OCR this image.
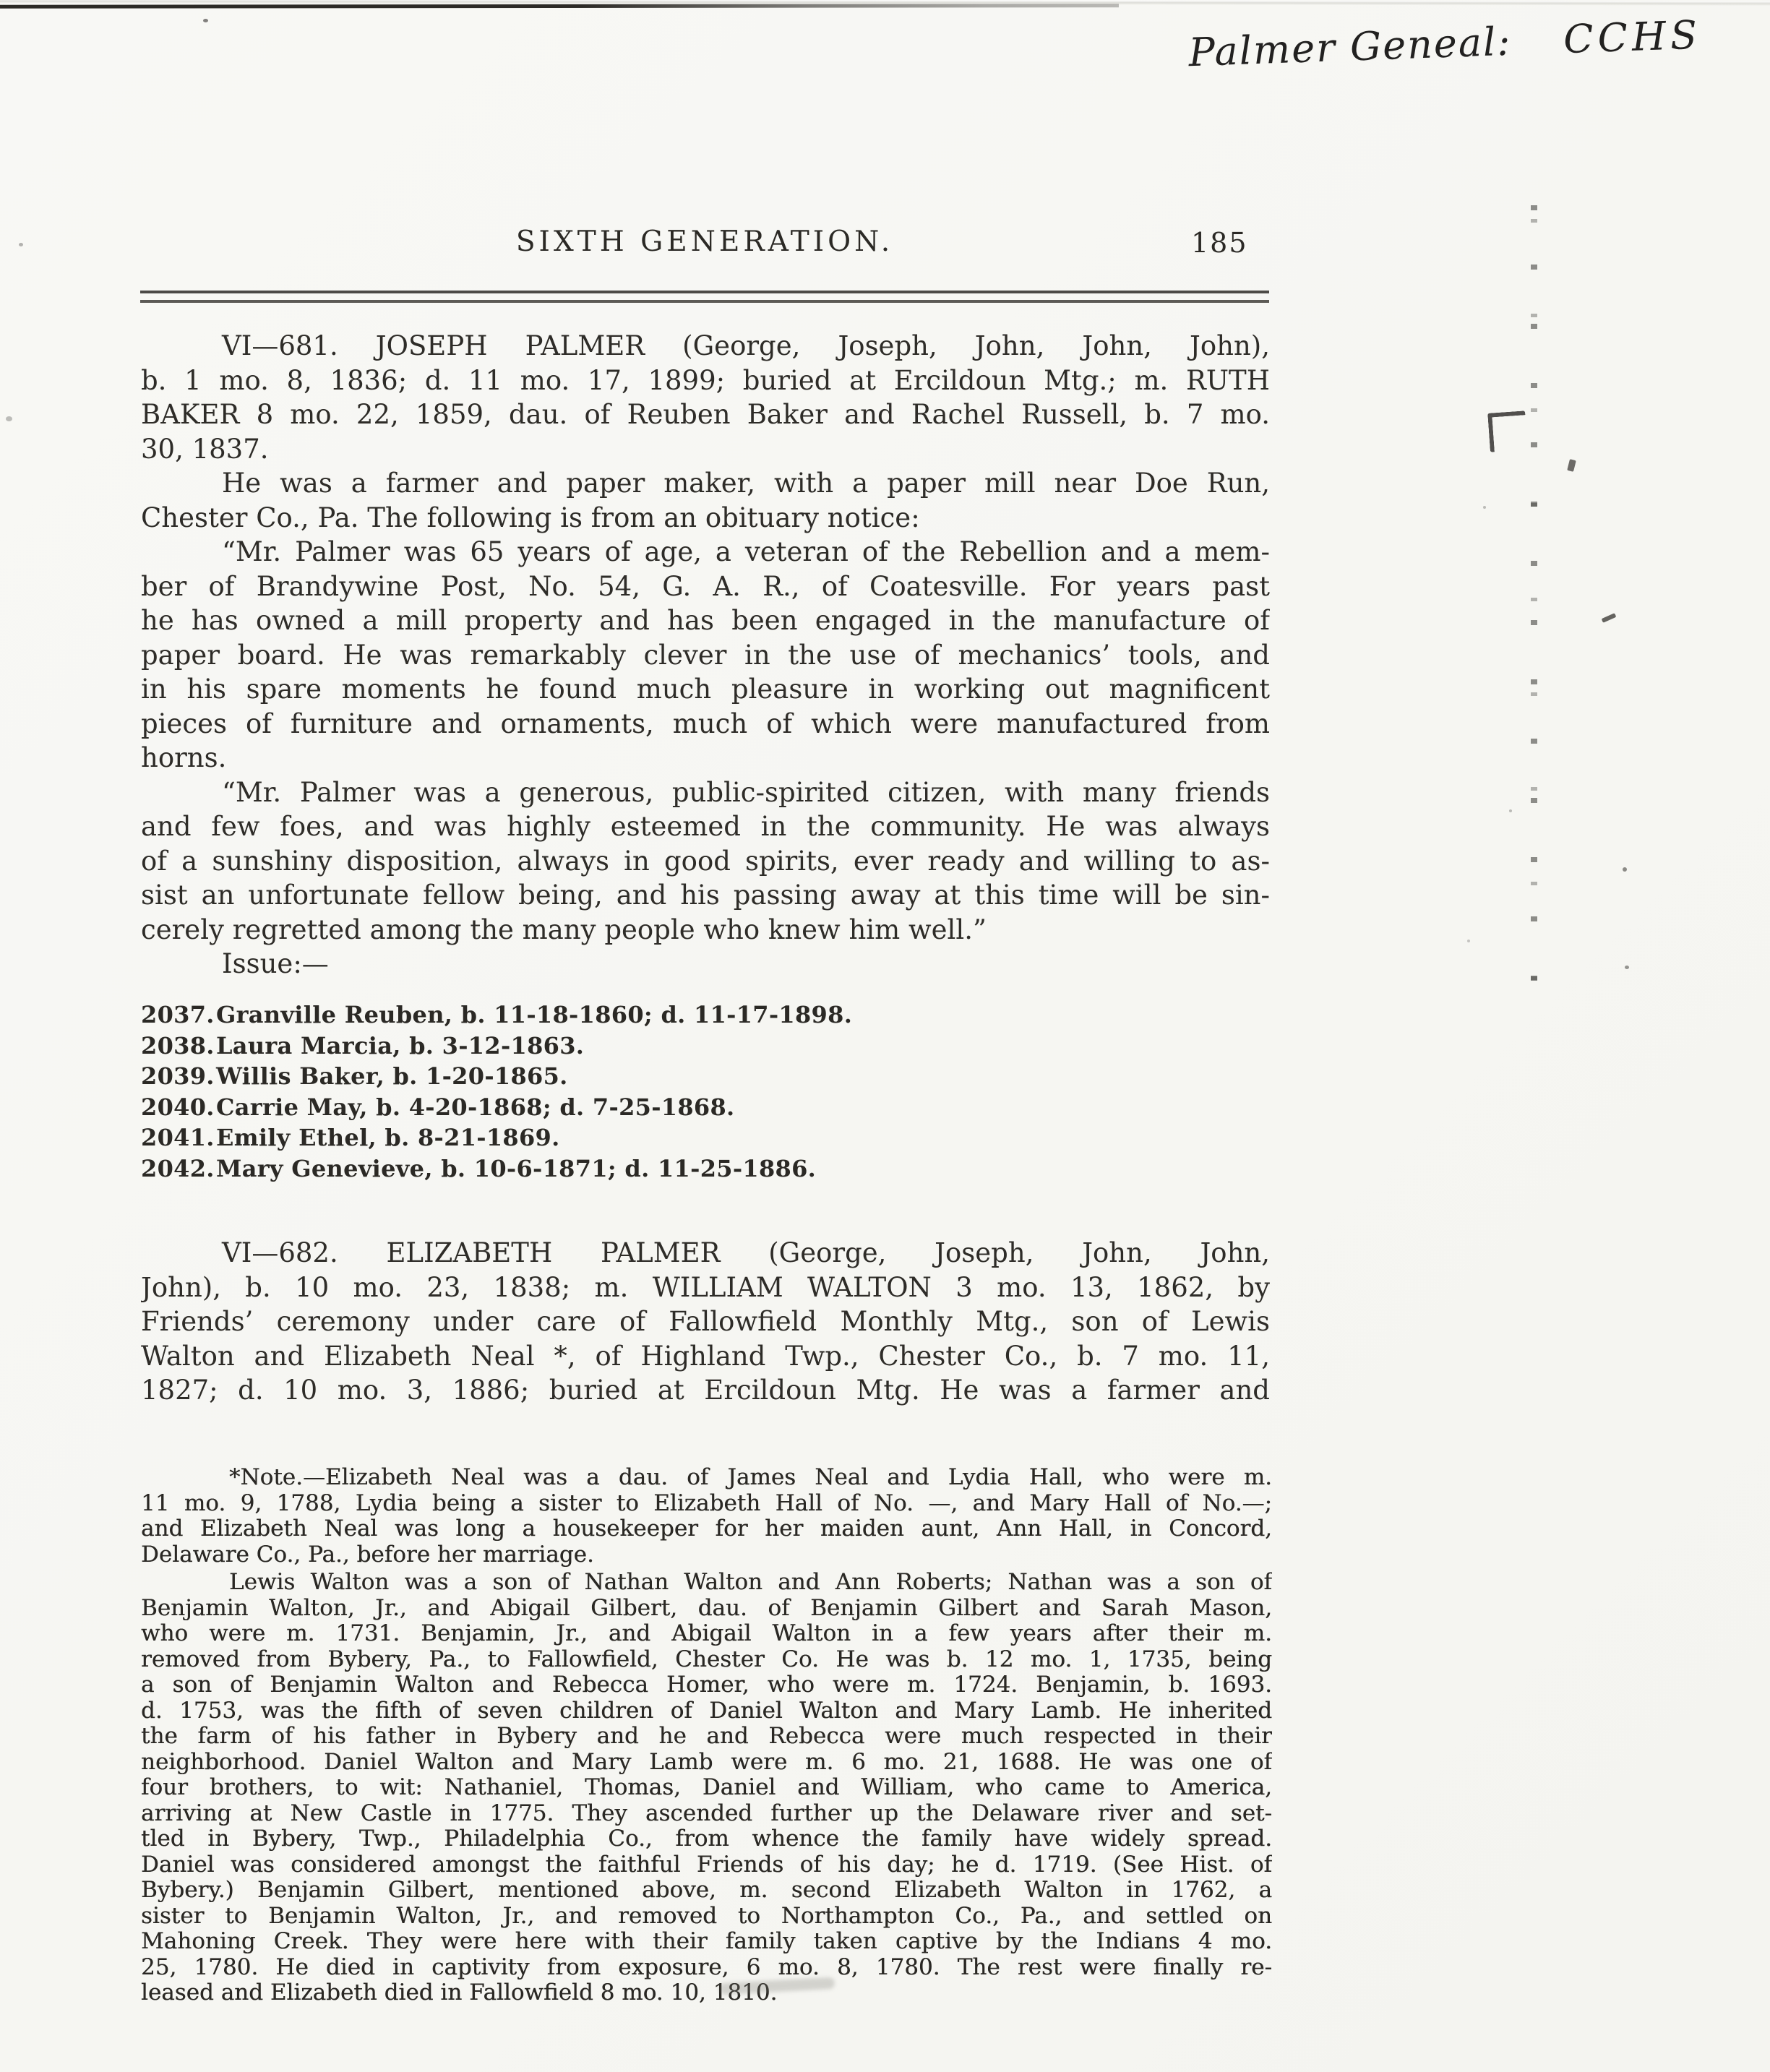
Palmer Geneal: CCHS
SIXTH GENERATION.	185
VI—681. JOSEPH PALMER (George, Joseph, John, John, John),
b. 1 mo. 8, 1836; d. 11 mo. 17, 1899; buried at Ercildoun Mtg.; m. RUTH
BAKER 8 mo. 22, 1859, dau. of Reuben Baker and Rachel Russell, b. 7 mo.
30, 1837.
He was a farmer and paper maker, with a paper mill near Doe Run,
Chester Co., Pa. The following is from an obituary notice:
“Mr. Palmer was 65 years of age, a veteran of the Rebellion and a mem-
ber of Brandywine Post, No. 54, G. A. R., of Coatesville. For years past
he has owned a mill property and has been engaged in the manufacture of
paper board. He was remarkably clever in the use of mechanics’ tools, and
in his spare moments he found much pleasure in working out magnificent
pieces of furniture and ornaments, much of which were manufactured from
horns.
“Mr. Palmer was a generous, public-spirited citizen, with many friends
and few foes, and was highly esteemed in the community. He was always
of a sunshiny disposition, always in good spirits, ever ready and willing to as-
sist an unfortunate fellow being, and his passing away at this time will be sin-
cerely regretted among the many people who knew him well.”
Issue:—
2037.Granville Reuben, b. 11-18-1860; d. 11-17-1898.
2038.Laura Marcia, b. 3-12-1863.
2039.Willis Baker, b. 1-20-1865.
2040.Carrie May, b. 4-20-1868; d. 7-25-1868.
2041.Emily Ethel, b. 8-21-1869.
2042.Mary Genevieve, b. 10-6-1871; d. 11-25-1886.
VI—682. ELIZABETH PALMER (George, Joseph, John, John,
John), b. 10 mo. 23, 1838; m. WILLIAM WALTON 3 mo. 13, 1862, by
Friends’ ceremony under care of Fallowfield Monthly Mtg., son of Lewis
Walton and Elizabeth Neal *, of Highland Twp., Chester Co., b. 7 mo. 11,
1827; d. 10 mo. 3, 1886; buried at Ercildoun Mtg. He was a farmer and
*Note.—Elizabeth Neal was a dau. of James Neal and Lydia Hall, who were m.
11 mo. 9, 1788, Lydia being a sister to Elizabeth Hall of No. —, and Mary Hall of No.—;
and Elizabeth Neal was long a housekeeper for her maiden aunt, Ann Hall, in Concord,
Delaware Co., Pa., before her marriage.
Lewis Walton was a son of Nathan Walton and Ann Roberts; Nathan was a son of
Benjamin Walton, Jr., and Abigail Gilbert, dau. of Benjamin Gilbert and Sarah Mason,
who were m. 1731. Benjamin, Jr., and Abigail Walton in a few years after their m.
removed from Bybery, Pa., to Fallowfield, Chester Co. He was b. 12 mo. 1, 1735, being
a son of Benjamin Walton and Rebecca Homer, who were m. 1724. Benjamin, b. 1693.
d. 1753, was the fifth of seven children of Daniel Walton and Mary Lamb. He inherited
the farm of his father in Bybery and he and Rebecca were much respected in their
neighborhood. Daniel Walton and Mary Lamb were m. 6 mo. 21, 1688. He was one of
four brothers, to wit: Nathaniel, Thomas, Daniel and William, who came to America,
arriving at New Castle in 1775. They ascended further up the Delaware river and set-
tled in Bybery, Twp., Philadelphia Co., from whence the family have widely spread.
Daniel was considered amongst the faithful Friends of his day; he d. 1719. (See Hist. of
Bybery.) Benjamin Gilbert, mentioned above, m. second Elizabeth Walton in 1762, a
sister to Benjamin Walton, Jr., and removed to Northampton Co., Pa., and settled on
Mahoning Creek. They were here with their family taken captive by the Indians 4 mo.
25, 1780. He died in captivity from exposure, 6 mo. 8, 1780. The rest were finally re-
leased and Elizabeth died in Fallowfield 8 mo. 10, 1810.
